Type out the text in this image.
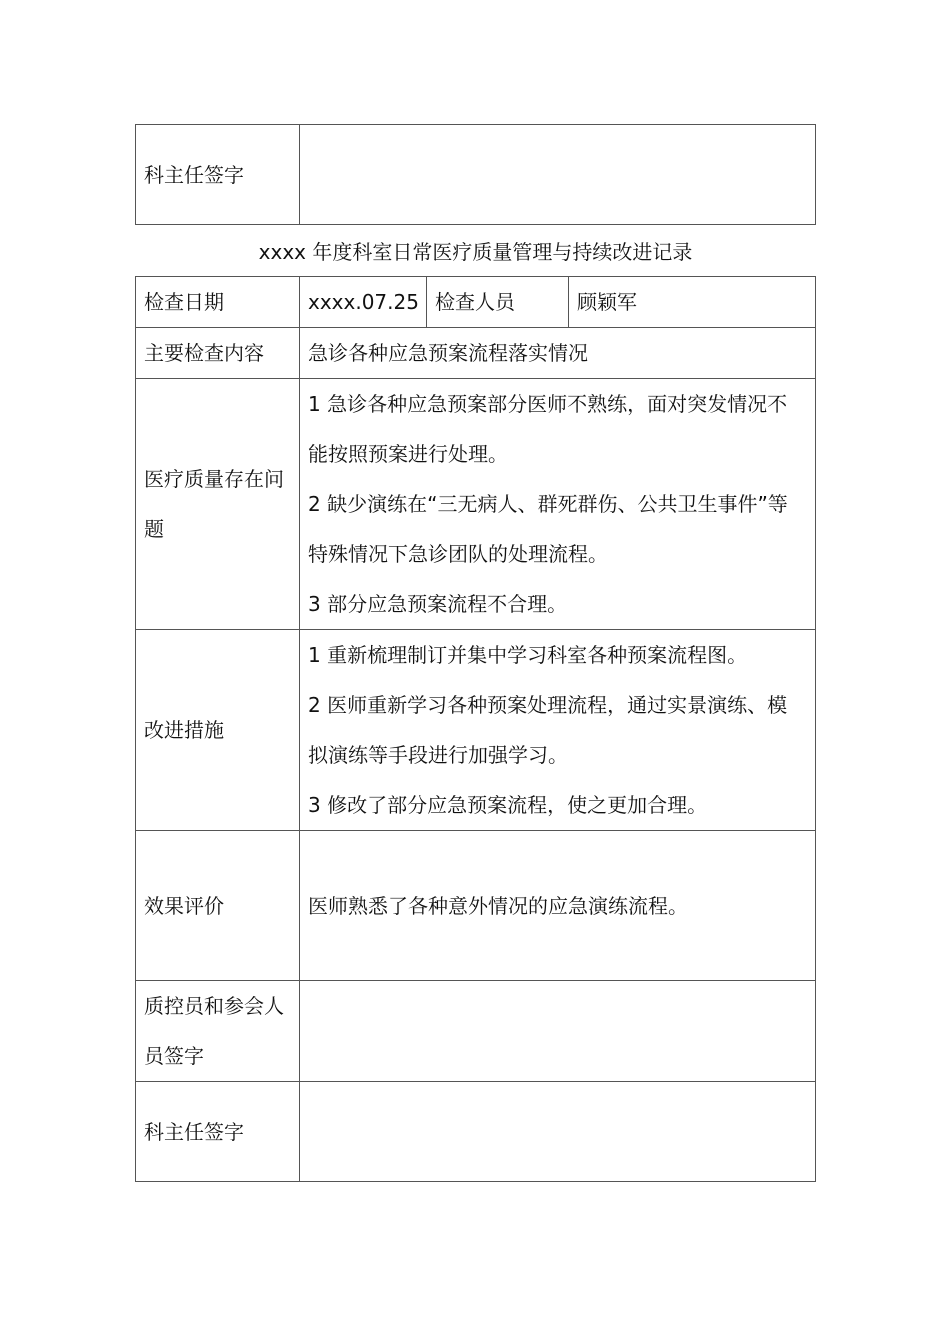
科主任签字	
xxxx 年度科室日常医疗质量管理与持续改进记录
检查日期	xxxx.07.25	检查人员	顾颖军
主要检查内容	急诊各种应急预案流程落实情况		
医疗质量存在问题	1 急诊各种应急预案部分医师不熟练，面对突发情况不能按照预案进行处理。
2 缺少演练在“三无病人、群死群伤、公共卫生事件”等特殊情况下急诊团队的处理流程。
3 部分应急预案流程不合理。		

改进措施	1 重新梳理制订并集中学习科室各种预案流程图。
2 医师重新学习各种预案处理流程，通过实景演练、模拟演练等手段进行加强学习。
3 修改了部分应急预案流程，使之更加合理。		

效果评价	医师熟悉了各种意外情况的应急演练流程。		
质控员和参会人员签字			
科主任签字			
